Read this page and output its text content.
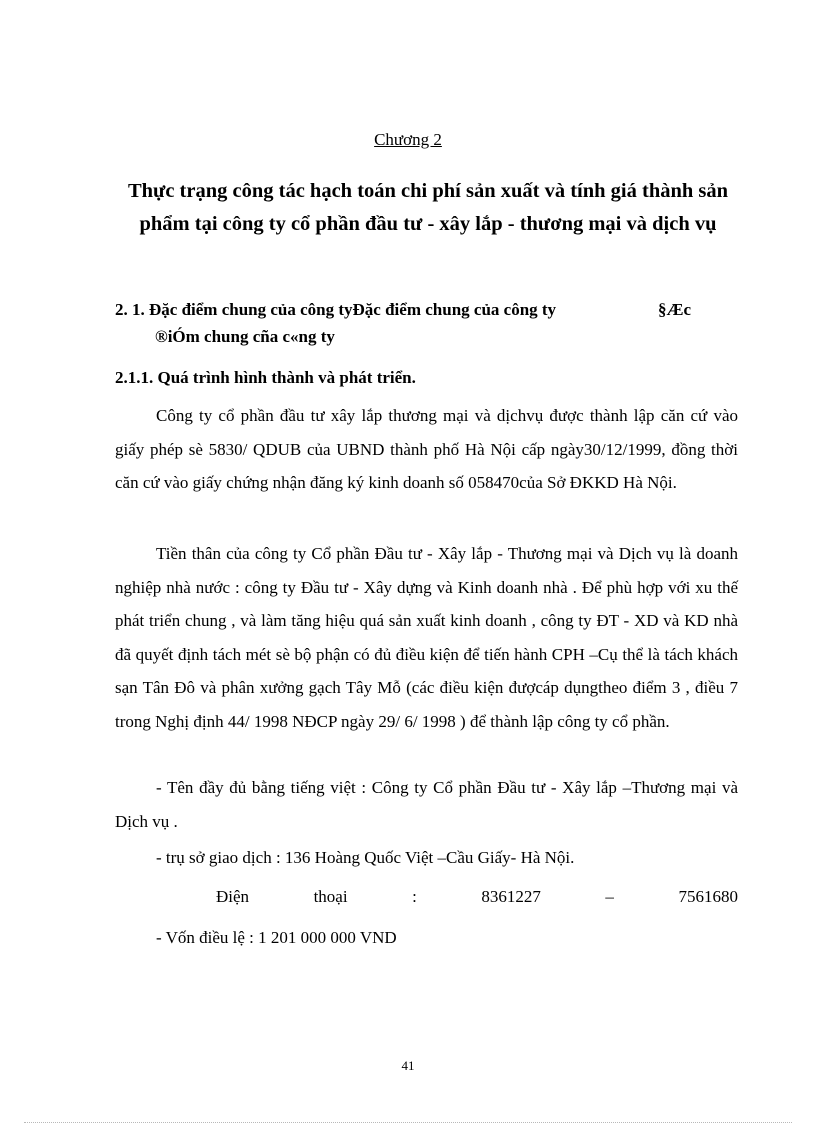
Chương 2
Thực trạng công tác hạch toán chi phí sản xuất và tính giá thành sản phẩm tại công ty cổ phần đầu tư - xây lắp - thương mại và dịch vụ
2. 1. Đặc điểm chung của công tyĐặc điểm chung của công ty	§Æc
®iÓm chung cña c«ng ty
2.1.1. Quá trình hình thành và phát triển.
Công ty cổ phần đầu tư xây lắp thương mại và dịchvụ được thành lập căn cứ vào giấy phép sè 5830/ QDUB của UBND thành phố Hà Nội cấp ngày30/12/1999, đồng thời căn cứ vào giấy chứng nhận đăng ký kinh doanh số 058470của Sở ĐKKD Hà Nội.
Tiền thân của công ty Cổ phần Đầu tư - Xây lắp - Thương mại và Dịch vụ là doanh nghiệp nhà nước : công ty Đầu tư - Xây dựng và Kinh doanh nhà . Để phù hợp với xu thế phát triển chung , và làm tăng hiệu quá sản xuất kinh doanh , công ty ĐT - XD và KD nhà đã quyết định tách mét sè bộ phận có đủ điều kiện để tiến hành CPH –Cụ thể là tách khách sạn Tân Đô và phân xưởng gạch Tây Mỗ (các điều kiện đượcáp dụngtheo điểm 3 , điều 7 trong Nghị định 44/ 1998 NĐCP ngày 29/ 6/ 1998 ) để thành lập công ty cổ phần.
- Tên đầy đủ bằng tiếng việt : Công ty Cổ phần Đầu tư - Xây lắp –Thương mại và Dịch vụ .
- trụ sở giao dịch : 136 Hoàng Quốc Việt –Cầu Giấy- Hà Nội.
Điện	thoại	:	8361227	–	7561680
- Vốn điều lệ : 1 201 000 000 VND
41
